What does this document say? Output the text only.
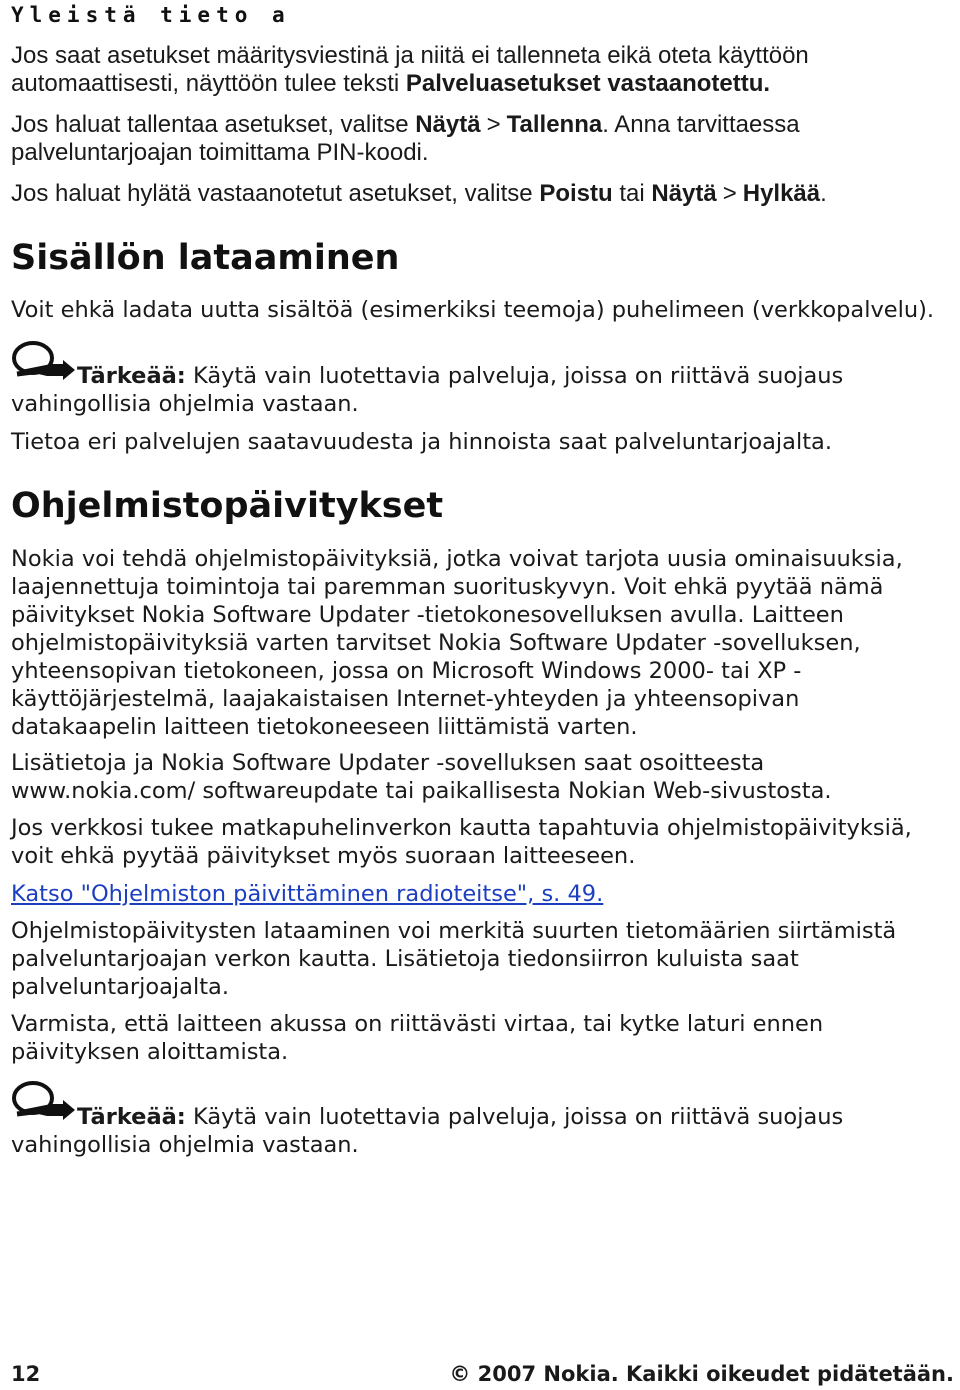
Yleistä tieto a

Jos saat asetukset määritysviestinä ja niitä ei tallenneta eikä oteta käyttöön automaattisesti, näyttöön tulee teksti Palveluasetukset vastaanotettu.

Jos haluat tallentaa asetukset, valitse Näytä > Tallenna. Anna tarvittaessa palveluntarjoajan toimittama PIN-koodi.

Jos haluat hylätä vastaanotetut asetukset, valitse Poistu tai Näytä > Hylkää.

Sisällön lataaminen

Voit ehkä ladata uutta sisältöä (esimerkiksi teemoja) puhelimeen (verkkopalvelu).

Tärkeää: Käytä vain luotettavia palveluja, joissa on riittävä suojaus vahingollisia ohjelmia vastaan.

Tietoa eri palvelujen saatavuudesta ja hinnoista saat palveluntarjoajalta.

Ohjelmistopäivitykset

Nokia voi tehdä ohjelmistopäivityksiä, jotka voivat tarjota uusia ominaisuuksia, laajennettuja toimintoja tai paremman suorituskyvyn. Voit ehkä pyytää nämä päivitykset Nokia Software Updater -tietokonesovelluksen avulla. Laitteen ohjelmistopäivityksiä varten tarvitset Nokia Software Updater -sovelluksen, yhteensopivan tietokoneen, jossa on Microsoft Windows 2000- tai XP -käyttöjärjestelmä, laajakaistaisen Internet-yhteyden ja yhteensopivan datakaapelin laitteen tietokoneeseen liittämistä varten.

Lisätietoja ja Nokia Software Updater -sovelluksen saat osoitteesta www.nokia.com/ softwareupdate tai paikallisesta Nokian Web-sivustosta.

Jos verkkosi tukee matkapuhelinverkon kautta tapahtuvia ohjelmistopäivityksiä, voit ehkä pyytää päivitykset myös suoraan laitteeseen.

Katso "Ohjelmiston päivittäminen radioteitse", s. 49.

Ohjelmistopäivitysten lataaminen voi merkitä suurten tietomäärien siirtämistä palveluntarjoajan verkon kautta. Lisätietoja tiedonsiirron kuluista saat palveluntarjoajalta.

Varmista, että laitteen akussa on riittävästi virtaa, tai kytke laturi ennen päivityksen aloittamista.

Tärkeää: Käytä vain luotettavia palveluja, joissa on riittävä suojaus vahingollisia ohjelmia vastaan.

12	© 2007 Nokia. Kaikki oikeudet pidätetään.
